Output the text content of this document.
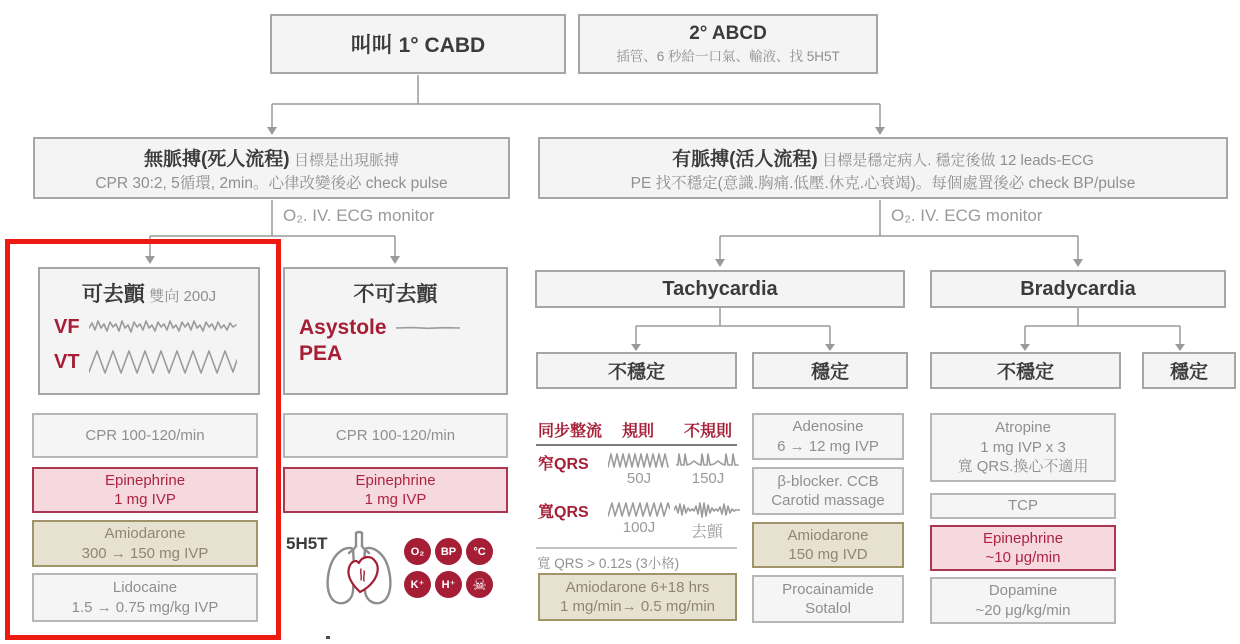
叫叫 1° CABD
2° ABCD
插管、6 秒給一口氣、輸液、找 5H5T
無脈搏(死人流程) 目標是出現脈搏
CPR 30:2, 5循環, 2min。心律改變後必 check pulse
有脈搏(活人流程) 目標是穩定病人. 穩定後做 12 leads-ECG
PE 找不穩定(意識.胸痛.低壓.休克.心衰竭)。每個處置後必 check BP/pulse
O₂. IV. ECG monitor	O₂. IV. ECG monitor
可去顫 雙向 200J
VF
VT
不可去顫
Asystole
PEA
Tachycardia	Bradycardia
不穩定	穩定	不穩定	穩定
CPR 100-120/min
Epinephrine
1 mg IVP
Amiodarone
300 → 150 mg IVP
Lidocaine
1.5 → 0.75 mg/kg IVP
CPR 100-120/min
Epinephrine
1 mg IVP
5H5T	O₂	BP	°C
K⁺	H⁺	☠
同步整流 規則 不規則
窄QRS
50J	150J
寬QRS
100J	去顫
寬 QRS > 0.12s (3小格)
Amiodarone 6+18 hrs
1 mg/min→ 0.5 mg/min
Adenosine
6 → 12 mg IVP
β-blocker. CCB
Carotid massage
Amiodarone
150 mg IVD
Procainamide
Sotalol
Atropine
1 mg IVP x 3
寬 QRS.換心不適用
TCP
Epinephrine
~10 μg/min
Dopamine
~20 μg/kg/min
